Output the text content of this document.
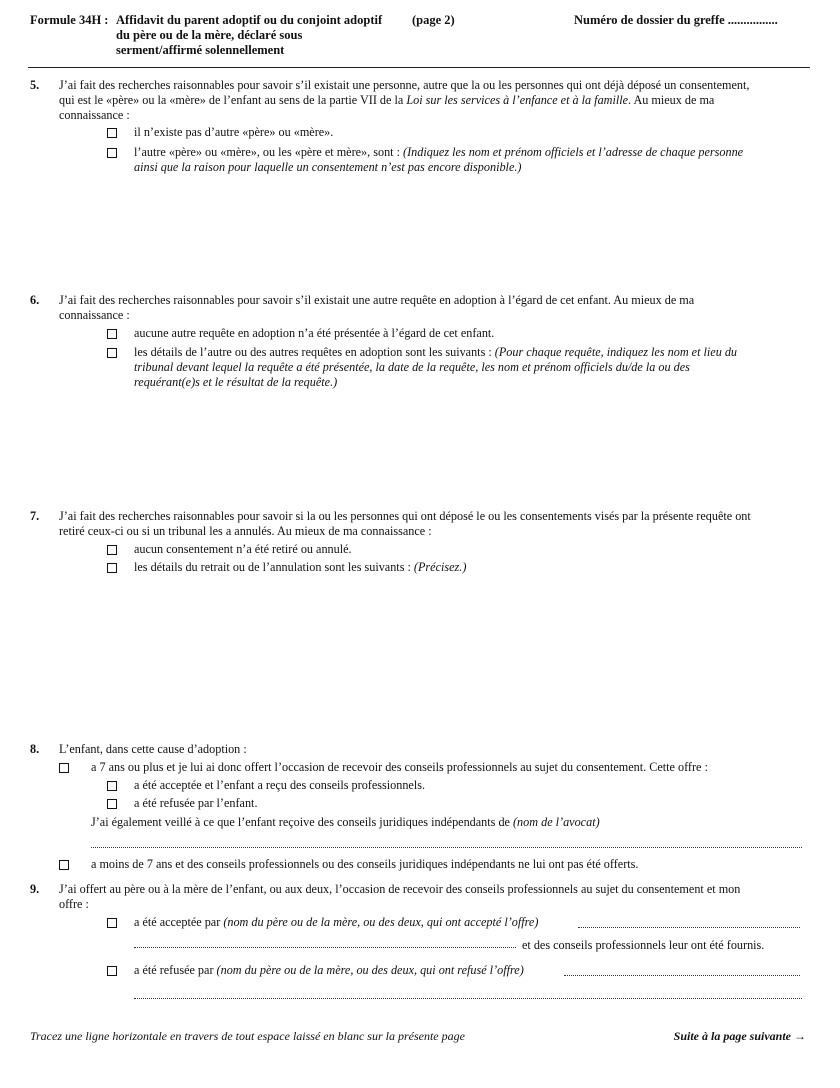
Formule 34H : Affidavit du parent adoptif ou du conjoint adoptif (page 2)
du père ou de la mère, déclaré sous
serment/affirmé solennellement
Numéro de dossier du greffe ................
5. J’ai fait des recherches raisonnables pour savoir s’il existait une personne, autre que la ou les personnes qui ont déjà déposé un consentement,
qui est le «père» ou la «mère» de l’enfant au sens de la partie VII de la Loi sur les services à l’enfance et à la famille. Au mieux de ma
connaissance :
il n’existe pas d’autre «père» ou «mère».
l’autre «père» ou «mère», ou les «père et mère», sont : (Indiquez les nom et prénom officiels et l’adresse de chaque personne
ainsi que la raison pour laquelle un consentement n’est pas encore disponible.)
6. J’ai fait des recherches raisonnables pour savoir s’il existait une autre requête en adoption à l’égard de cet enfant. Au mieux de ma
connaissance :
aucune autre requête en adoption n’a été présentée à l’égard de cet enfant.
les détails de l’autre ou des autres requêtes en adoption sont les suivants : (Pour chaque requête, indiquez les nom et lieu du
tribunal devant lequel la requête a été présentée, la date de la requête, les nom et prénom officiels du/de la ou des
requérant(e)s et le résultat de la requête.)
7. J’ai fait des recherches raisonnables pour savoir si la ou les personnes qui ont déposé le ou les consentements visés par la présente requête ont
retiré ceux-ci ou si un tribunal les a annulés. Au mieux de ma connaissance :
aucun consentement n’a été retiré ou annulé.
les détails du retrait ou de l’annulation sont les suivants : (Précisez.)
8. L’enfant, dans cette cause d’adoption :
a 7 ans ou plus et je lui ai donc offert l’occasion de recevoir des conseils professionnels au sujet du consentement. Cette offre :
a été acceptée et l’enfant a reçu des conseils professionnels.
a été refusée par l’enfant.
J’ai également veillé à ce que l’enfant reçoive des conseils juridiques indépendants de (nom de l’avocat)
a moins de 7 ans et des conseils professionnels ou des conseils juridiques indépendants ne lui ont pas été offerts.
9. J’ai offert au père ou à la mère de l’enfant, ou aux deux, l’occasion de recevoir des conseils professionnels au sujet du consentement et mon
offre :
a été acceptée par (nom du père ou de la mère, ou des deux, qui ont accepté l’offre)
et des conseils professionnels leur ont été fournis.
a été refusée par (nom du père ou de la mère, ou des deux, qui ont refusé l’offre)
Tracez une ligne horizontale en travers de tout espace laissé en blanc sur la présente page	Suite à la page suivante →
